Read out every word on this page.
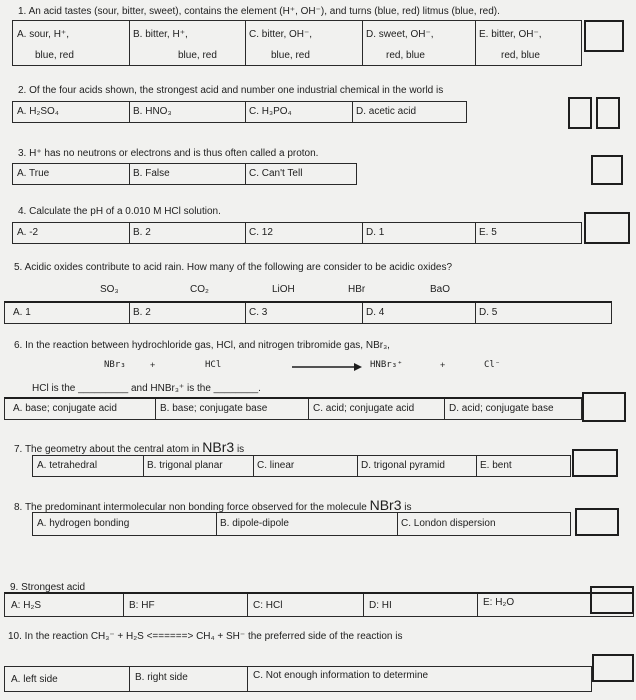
1. An acid tastes (sour, bitter, sweet), contains the element (H⁺, OH⁻), and turns (blue, red) litmus (blue, red).
A. sour, H⁺,
blue, red
B. bitter, H⁺,
blue, red
C. bitter, OH⁻,
blue, red
D. sweet, OH⁻,
red, blue
E. bitter, OH⁻,
red, blue
2. Of the four acids shown, the strongest acid and number one industrial chemical in the world is
A. H₂SO₄	B. HNO₃	C. H₃PO₄	D. acetic acid
3. H⁺ has no neutrons or electrons and is thus often called a proton.
A. True	B. False	C. Can't Tell
4. Calculate the pH of a 0.010 M HCl solution.
A. -2	B. 2	C. 12	D. 1	E. 5
5. Acidic oxides contribute to acid rain. How many of the following are consider to be acidic oxides?
SO₃	CO₂	LiOH	HBr	BaO
A. 1	B. 2	C. 3	D. 4	D. 5
6. In the reaction between hydrochloride gas, HCl, and nitrogen tribromide gas, NBr₃,
NBr₃	+	HCl	HNBr₃⁺	+	Cl⁻
HCl is the _________ and HNBr₃⁺ is the ________.
A. base; conjugate acid	B. base; conjugate base	C. acid; conjugate acid	D. acid; conjugate base
7. The geometry about the central atom in NBr3 is
A. tetrahedral	B. trigonal planar	C. linear	D. trigonal pyramid	E. bent
8. The predominant intermolecular non bonding force observed for the molecule NBr3 is
A. hydrogen bonding	B. dipole-dipole	C. London dispersion
9. Strongest acid
A: H₂S	B: HF	C: HCl	D: HI	E: H₂O
10. In the reaction CH₃⁻ + H₂S <======> CH₄ + SH⁻ the preferred side of the reaction is
A. left side	B. right side	C. Not enough information to determine
